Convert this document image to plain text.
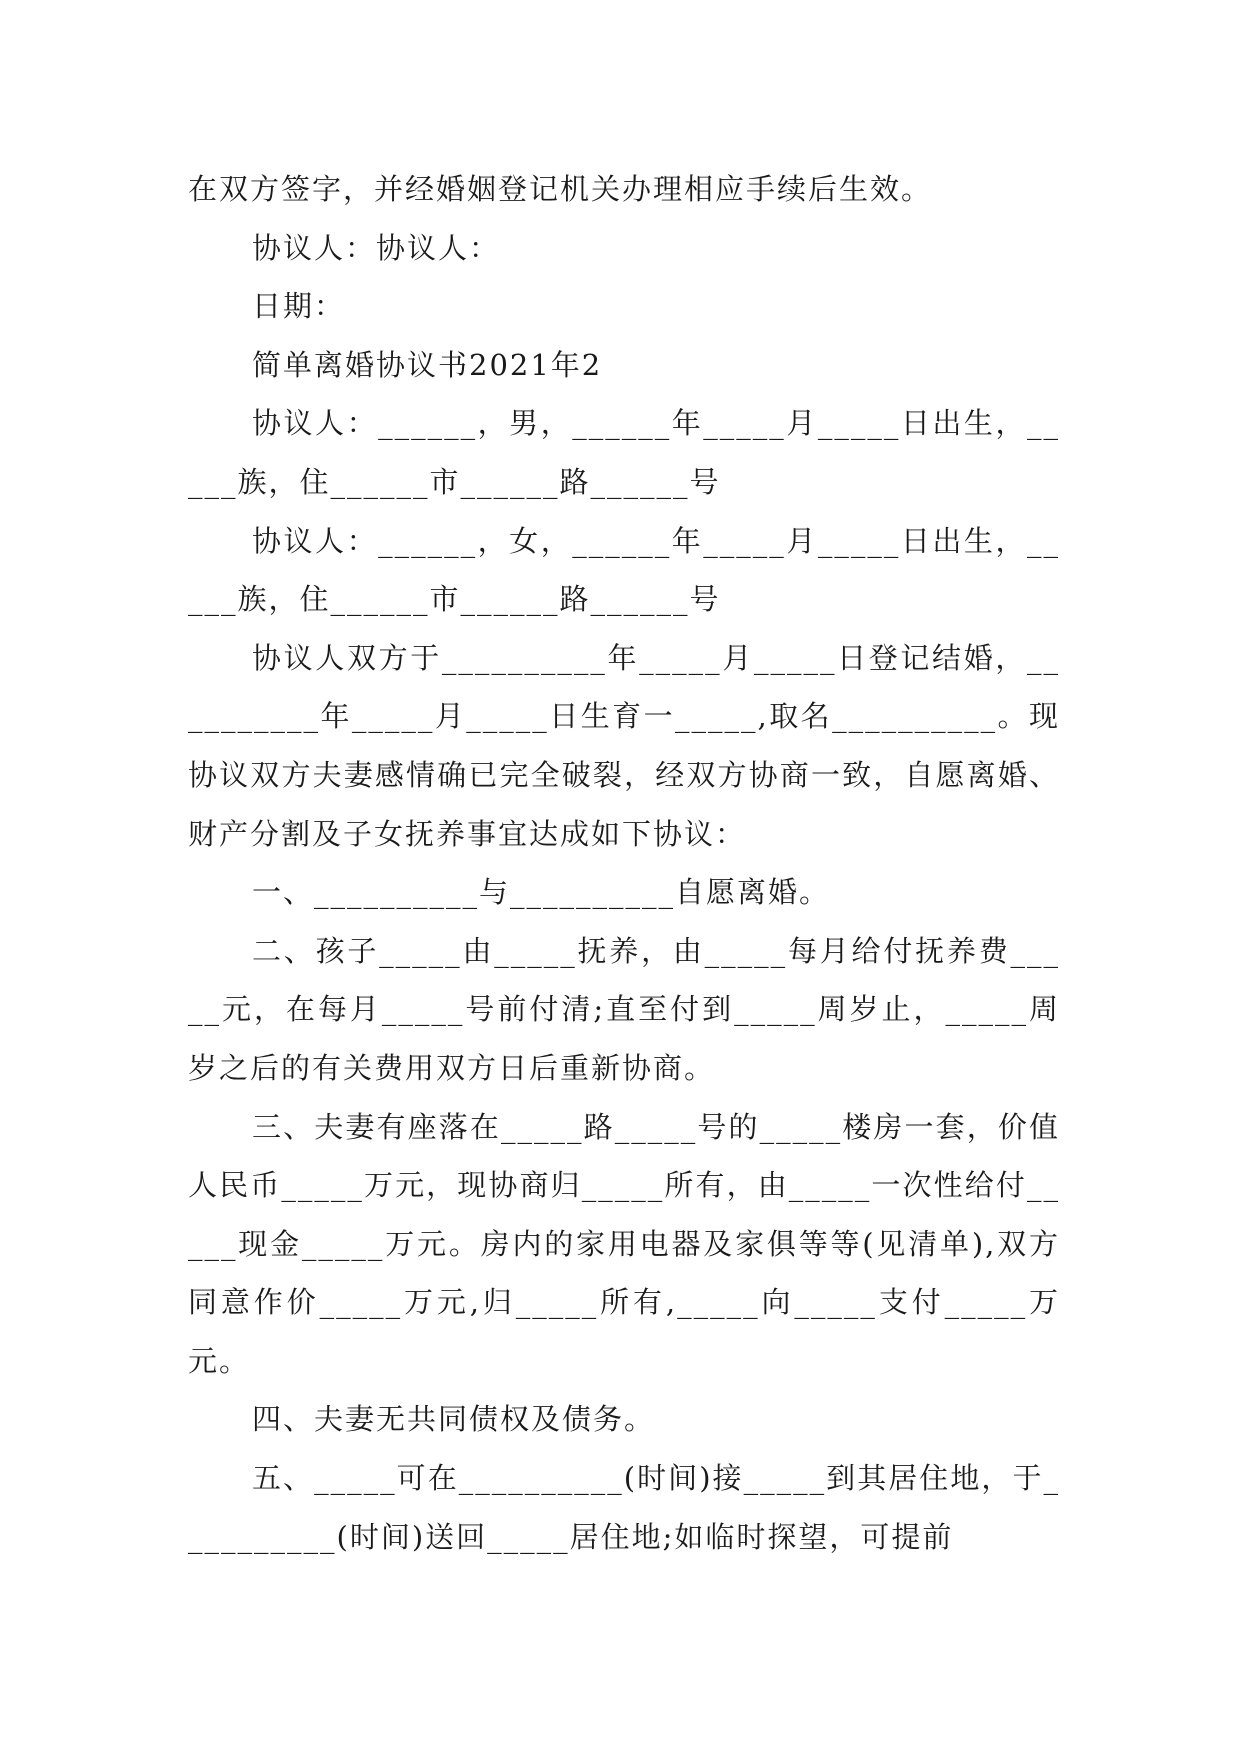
在双方签字，并经婚姻登记机关办理相应手续后生效。

协议人：协议人：

日期：

简单离婚协议书2021年2

协议人：______，男，______年_____月_____日出生，_____族，住______市______路______号

协议人：______，女，______年_____月_____日出生，_____族，住______市______路______号

协议人双方于__________年_____月_____日登记结婚，__________年_____月_____日生育一_____,取名__________。现协议双方夫妻感情确已完全破裂，经双方协商一致，自愿离婚、财产分割及子女抚养事宜达成如下协议：

一、__________与__________自愿离婚。

二、孩子_____由_____抚养，由_____每月给付抚养费_____元，在每月_____号前付清;直至付到_____周岁止，_____周岁之后的有关费用双方日后重新协商。

三、夫妻有座落在_____路_____号的_____楼房一套，价值人民币_____万元，现协商归_____所有，由_____一次性给付_____现金_____万元。房内的家用电器及家俱等等(见清单),双方同意作价_____万元,归_____所有,_____向_____支付_____万元。

四、夫妻无共同债权及债务。

五、_____可在__________(时间)接_____到其居住地，于__________(时间)送回_____居住地;如临时探望，可提前
